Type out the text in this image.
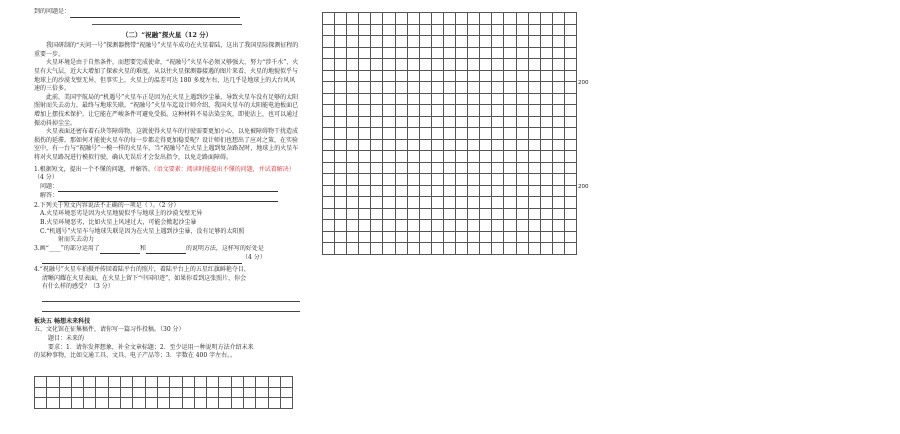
到的问题是：
（二）“祝融”探火星（12 分）

我国研制的“天问一号”探测器携带“祝融号”火星车成功在火星着陆，这出了我国星际探测征程的重要一步。

火星环境是由于自然条件，而想要完成使命，“祝融号”火星车必须又够强大、努力“涉千水”、火星有大气层，近大大增加了探索火星的难度。从以往火星探测器接遇的图片来看，火星的地貌似乎与地球上的沙漠戈壁无异，但事实上，火星上的温差可达 180 多度左右，达几乎是地球上的大台风风速的三倍多。

此前，美国宇航局的“机遇号”火星车正是因为在火星上遇到沙尘暴，导致火星车没有足够的太阳照射而失去动力，最终与地球失联。“祝融号”火星车迄设计师介绍，我国火星车的太阳能电池板面已增加上摆技术保护，让它能在严峻条件可避免受损。这种材料不易沾染尘灰，即使沾上，也可以通过振动抖掉尘尘。

火星表面还密布着石块等障碍物，这就使得火星车的行驶需要更加小心，以免被障碍物干扰造成损伤的延滞。那如何才能使火星车的每一步都走得更加稳妥呢？设计师们也想出了应对之策，在实验室中，有一台与“祝融号”一模一样的火星车，当“祝融号”在火星上遇到复杂路况时，地球上的火星车将对火星路况进行模拟行驶，确认无误后才会发出指令，以免走路面障碍。

1.根据短文，提出一个不懂的问题，并解答。（语文要素：阅读时能提出不懂的问题，并试着解决）（4 分）
问题：
解答：
2.下列关于短文内容说法不正确的一项是（ ）。（2 分）
A.火星环境恶劣是因为火星地貌似乎与地球上的沙漠戈壁无异
B.火星环境恶劣，比如火星上风速过大，可能会掀起沙尘暴
C.“机遇号”火星车与地球失联是因为在火星上遇到沙尘暴，没有足够的太阳照
射而失去动力
3.画“____”的部分运用了	和	的说明方法，这样写的好处是
（4 分）
4.“祝融号”火星车拍摄并传回着陆平台的照片，着陆平台上的五星红旗鲜艳夺目，
清晰闪耀在火星表面，在火星上留下“中国印迹”，如果你看到这张照片，你会
有什么样的感受？（3 分）
板块五 畅想未来科技
五、文化馆在征集稿件，请你写一篇习作投稿。（30 分）
题目：未来的
要求：1．请你发挥想象，补全文章标题；2．至少运用一种说明方法介绍未来
的某种事物，比如交通工具、文具、电子产品等；3．字数在 400 字左右。。
200
200
